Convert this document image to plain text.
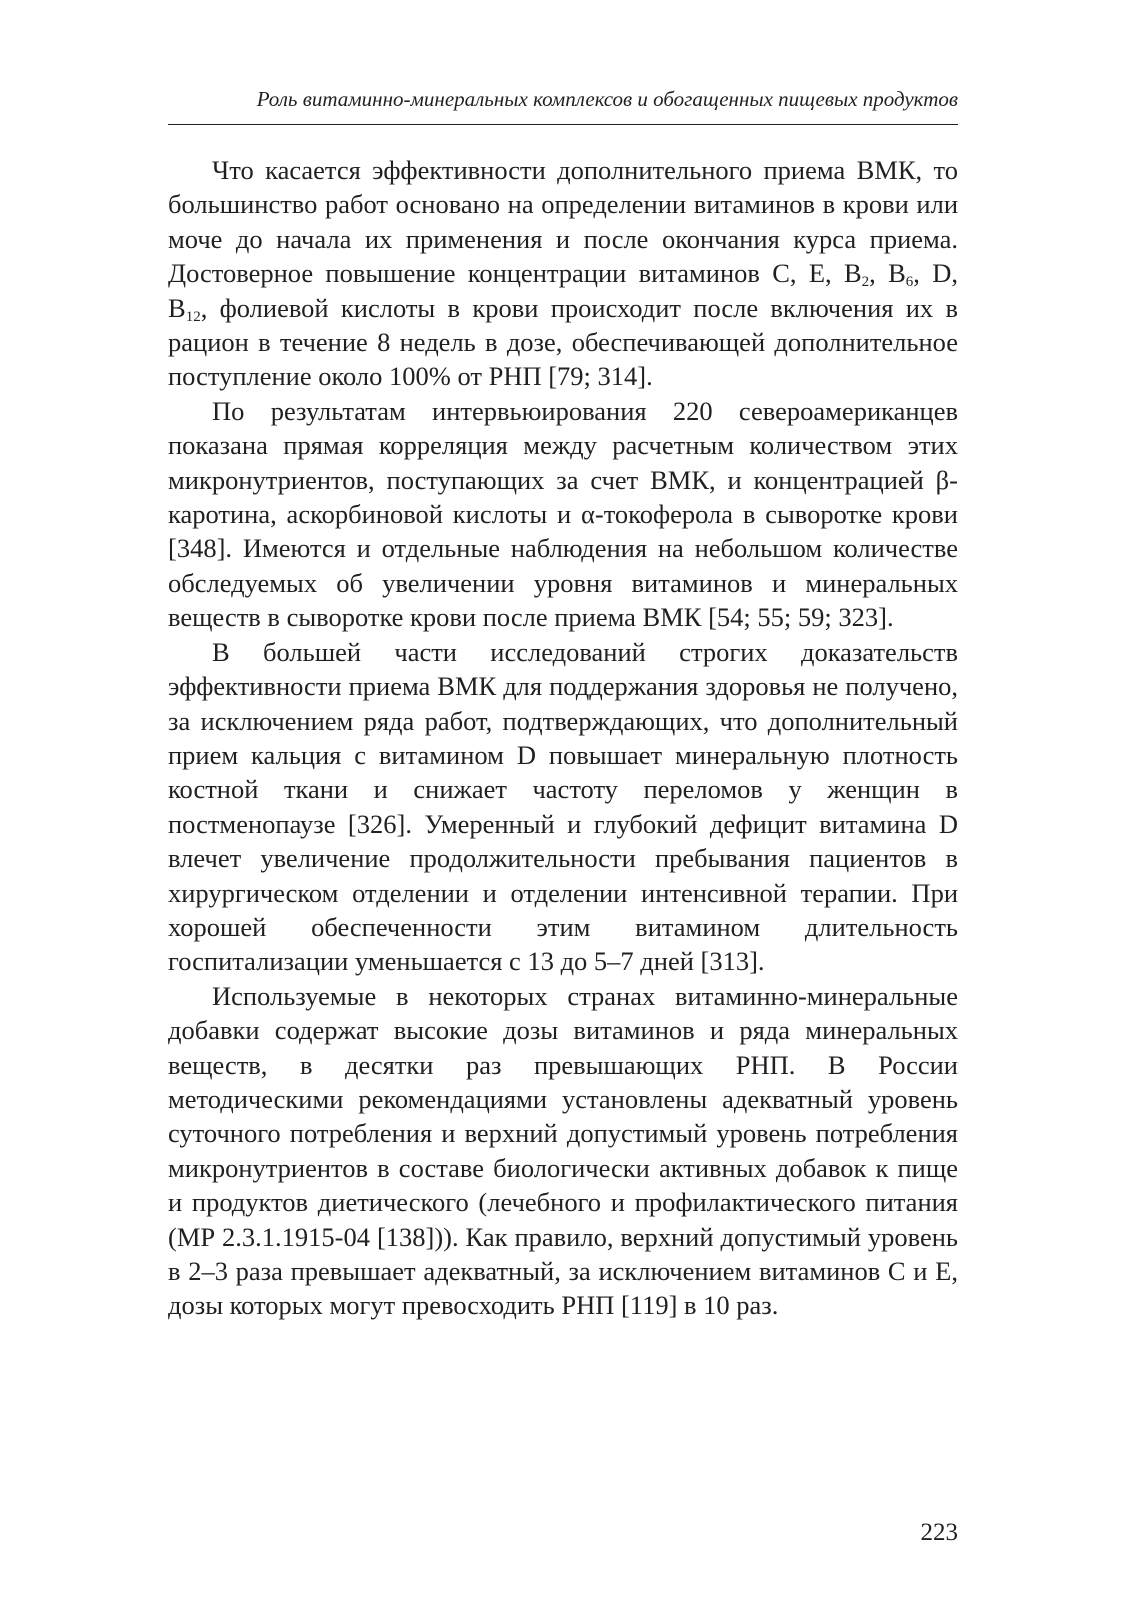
Роль витаминно-минеральных комплексов и обогащенных пищевых продуктов

Что касается эффективности дополнительного приема ВМК, то большинство работ основано на определении витаминов в крови или моче до начала их применения и после окончания курса приема. Достоверное повышение концентрации витаминов С, Е, $В_2$, $В_6$, D, $В_{12}$, фолиевой кислоты в крови происходит после включения их в рацион в течение 8 недель в дозе, обеспечивающей дополнительное поступление около 100% от РНП [79; 314].

По результатам интервьюирования 220 североамериканцев показана прямая корреляция между расчетным количеством этих микронутриентов, поступающих за счет ВМК, и концентрацией β-каротина, аскорбиновой кислоты и α-токоферола в сыворотке крови [348]. Имеются и отдельные наблюдения на небольшом количестве обследуемых об увеличении уровня витаминов и минеральных веществ в сыворотке крови после приема ВМК [54; 55; 59; 323].

В большей части исследований строгих доказательств эффективности приема ВМК для поддержания здоровья не получено, за исключением ряда работ, подтверждающих, что дополнительный прием кальция с витамином D повышает минеральную плотность костной ткани и снижает частоту переломов у женщин в постменопаузе [326]. Умеренный и глубокий дефицит витамина D влечет увеличение продолжительности пребывания пациентов в хирургическом отделении и отделении интенсивной терапии. При хорошей обеспеченности этим витамином длительность госпитализации уменьшается с 13 до 5–7 дней [313].

Используемые в некоторых странах витаминно-минеральные добавки содержат высокие дозы витаминов и ряда минеральных веществ, в десятки раз превышающих РНП. В России методическими рекомендациями установлены адекватный уровень суточного потребления и верхний допустимый уровень потребления микронутриентов в составе биологически активных добавок к пище и продуктов диетического (лечебного и профилактического питания (МР 2.3.1.1915-04 [138])). Как правило, верхний допустимый уровень в 2–3 раза превышает адекватный, за исключением витаминов С и Е, дозы которых могут превосходить РНП [119] в 10 раз.

223
